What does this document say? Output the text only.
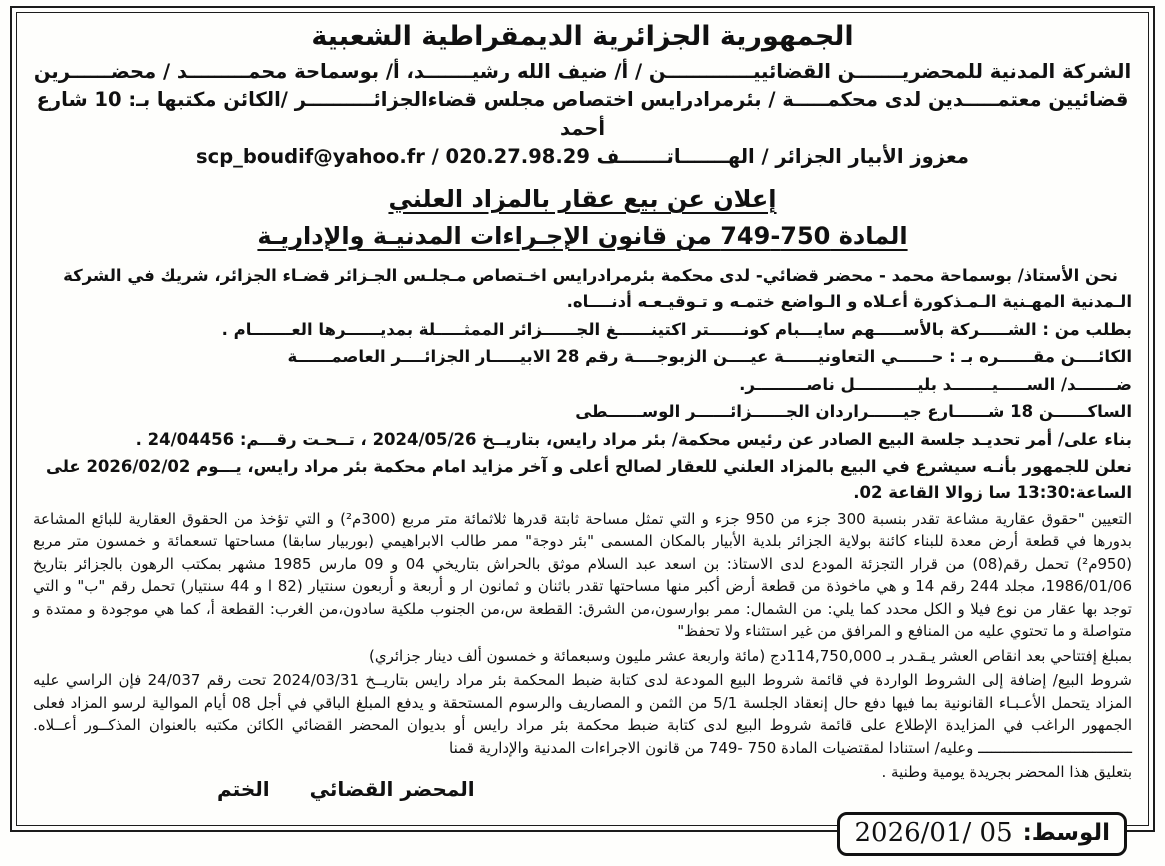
الجمهورية الجزائرية الديمقراطية الشعبية
الشركة المدنية للمحضريـــــــن القضائييـــــــــــــن / أ/ ضيف الله رشيـــــــد، أ/ بوسماحة محمـــــــــد / محضــــــرين
قضائيين معتمـــــدين لدى محكمـــــة / بئرمرادرايس اختصاص مجلس قضاءالجزائــــــــــر /الكائن مكتبها بـ: 10 شارع أحمد
معزوز الأبيار الجزائر / الهـــــــاتـــــــف 020.27.98.29 / scp_boudif@yahoo.fr
إعلان عن بيع عقار بالمزاد العلني
المادة 750-749 من قانون الإجـراءات المدنيـة والإداريـة

نحن الأستاذ/ بوسماحة محمد - محضر قضائي- لدى محكمة بئرمرادرايس اخـتصاص مـجلـس الجـزائر قضـاء الجزائر، شريك في الشركة الـمدنية المهـنية الـمـذكورة أعـلاه و الـواضع ختمـه و تـوقيـعـه أدنــــاه.

بطلب من : الشـــــركة بالأســـــهم سايـــبام كونــــــتر اكتينــــــغ الجــــــزائر الممثـــــلة بمديــــــرها العـــــــام .

الكائــــن مقــــــره بـ : حــــــي التعاونيــــــة عيــــن الزبوجــــة رقم 28 الابيـــــار الجزائــــر العاصمــــــة

ضـــــــد/ الســـــيـــــــد بليـــــــــــل ناصـــــــــر.

الساكــــــن 18 شــــــارع جيــــــراردان الجــــــزائــــــر الوســــــطى

بناء على/ أمر تحديـد جلسة البيع الصادر عن رئيس محكمة/ بئر مراد رايس، بتاريــخ 2024/05/26 ، تــحـت رقـــم: 24/04456 .

نعلن للجمهور بأنـه سيشرع في البيع بالمزاد العلني للعقار لصالح أعلى و آخر مزايد امام محكمة بئر مراد رايس، يـــوم 2026/02/02 على الساعة:13:30 سا زوالا القاعة 02.

التعيين "حقوق عقارية مشاعة تقدر بنسبة 300 جزء من 950 جزء و التي تمثل مساحة ثابتة قدرها ثلاثمائة متر مربع (300م²) و التي تؤخذ من الحقوق العقارية للبائع المشاعة بدورها في قطعة أرض معدة للبناء كائنة بولاية الجزائر بلدية الأبيار بالمكان المسمى "بئر دوجة" ممر طالب الابراهيمي (بوربيار سابقا) مساحتها تسعمائة و خمسون متر مربع (950م²) تحمل رقم(08) من قرار التجزئة المودع لدى الاستاذ: بن اسعد عبد السلام موثق بالحراش بتاريخي 04 و 09 مارس 1985 مشهر بمكتب الرهون بالجزائر بتاريخ 1986/01/06، مجلد 244 رقم 14 و هي ماخوذة من قطعة أرض أكبر منها مساحتها تقدر باثنان و ثمانون ار و أربعة و أربعون سنتيار (82 ا و 44 سنتيار) تحمل رقم "ب" و التي توجد بها عقار من نوع فيلا و الكل محدد كما يلي: من الشمال: ممر بوارسون،من الشرق: القطعة س،من الجنوب ملكية سادون،من الغرب: القطعة أ، كما هي موجودة و ممتدة و متواصلة و ما تحتوي عليه من المنافع و المرافق من غير استثناء ولا تحفظ"

بمبلغ إفتتاحي بعد انقاص العشر يـقـدر بـ 114,750,000دج (مائة واربعة عشر مليون وسبعمائة و خمسون ألف دينار جزائري)

شروط البيع/ إضافة إلى الشروط الواردة في قائمة شروط البيع المودعة لدى كتابة ضبط المحكمة بئر مراد رايس بتاريــخ 2024/03/31 تحت رقم 24/037 فإن الراسي عليه المزاد يتحمل الأعـبـاء القانونية بما فيها دفع حال إنعقاد الجلسة 5/1 من الثمن و المصاريف والرسوم المستحقة و يدفع المبلغ الباقي في أجل 08 أيام الموالية لرسو المزاد فعلى الجمهور الراغب في المزايدة الإطلاع على قائمة شروط البيع لدى كتابة ضبط محكمة بئر مراد رايس أو بديوان المحضر القضائي الكائن مكتبه بالعنوان المذكــور أعــلاه. ـــــــــــــــــــــــــــــــــــ وعليه/ استنادا لمقتضيات المادة ‪749- 750‬ من قانون الاجراءات المدنية والإدارية قمنا

بتعليق هذا المحضر بجريدة يومية وطنية .

المحضر القضائي
الختم
الوسط:
2026/01/ 05
